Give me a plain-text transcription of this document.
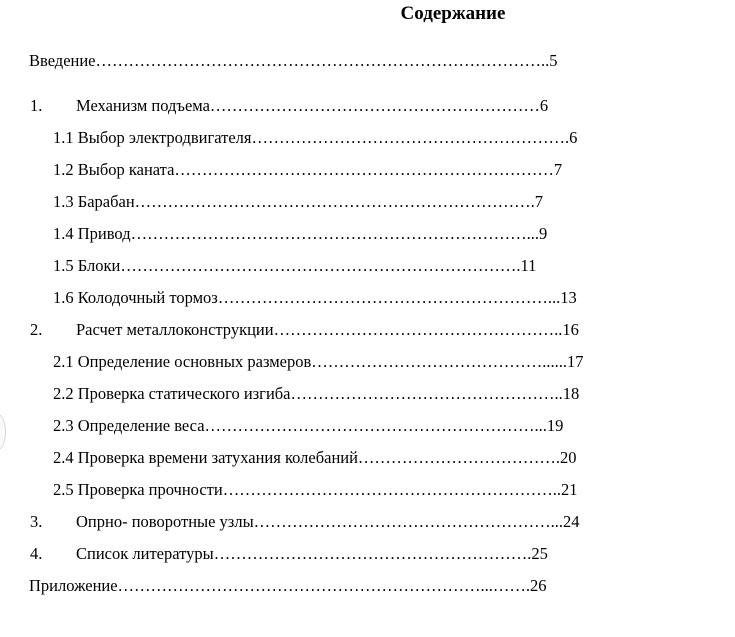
Содержание
Введение………………………………………………………………………..5
1. Механизм подъема……………………………………………………6
1.1 Выбор электродвигателя………………………………………………….6
1.2 Выбор каната……………………………………………………………7
1.3 Барабан……………………………………………………………….7
1.4 Привод………………………………………………………………...9
1.5 Блоки……………………………………………………………….11
1.6 Колодочный тормоз……………………………………………………...13
2. Расчет металлоконструкции……………………………………………..16
2.1 Определение основных размеров……………………………………......17
2.2 Проверка статического изгиба…………………………………………..18
2.3 Определение веса……………………………………………………...19
2.4 Проверка времени затухания колебаний……………………………….20
2.5 Проверка прочности……………………………………………………..21
3. Опрно- поворотные узлы………………………………………………...24
4. Список литературы………………………………………………….25
Приложение…………………………………………………………...…….26
